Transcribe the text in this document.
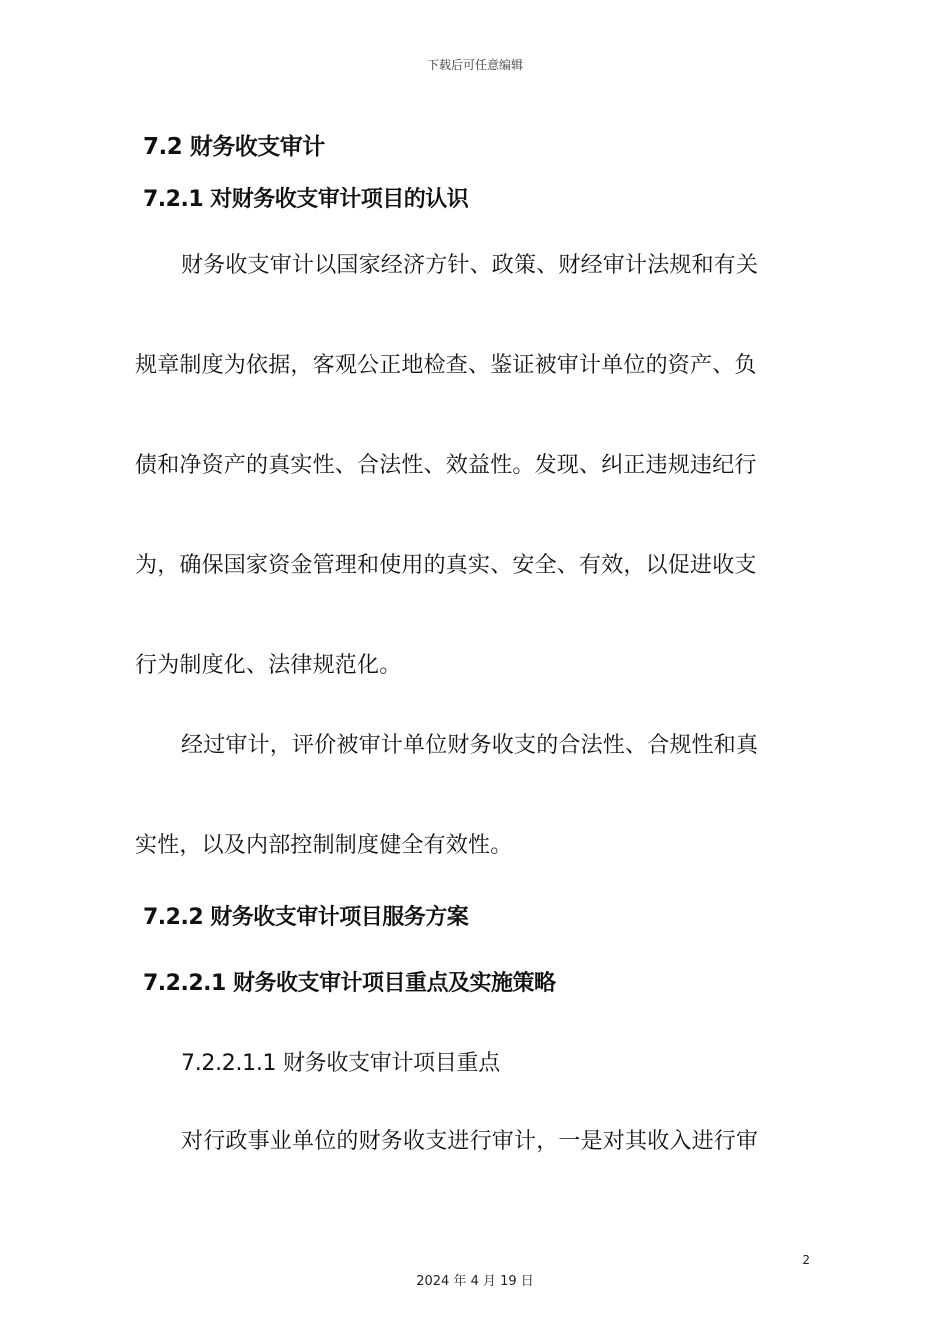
下载后可任意编辑
7.2 财务收支审计
7.2.1 对财务收支审计项目的认识
财务收支审计以国家经济方针、政策、财经审计法规和有关
规章制度为依据，客观公正地检查、鉴证被审计单位的资产、负
债和净资产的真实性、合法性、效益性。发现、纠正违规违纪行
为，确保国家资金管理和使用的真实、安全、有效，以促进收支
行为制度化、法律规范化。
经过审计，评价被审计单位财务收支的合法性、合规性和真
实性，以及内部控制制度健全有效性。
7.2.2 财务收支审计项目服务方案
7.2.2.1 财务收支审计项目重点及实施策略
7.2.2.1.1 财务收支审计项目重点
对行政事业单位的财务收支进行审计，一是对其收入进行审
2
2024 年 4 月 19 日
